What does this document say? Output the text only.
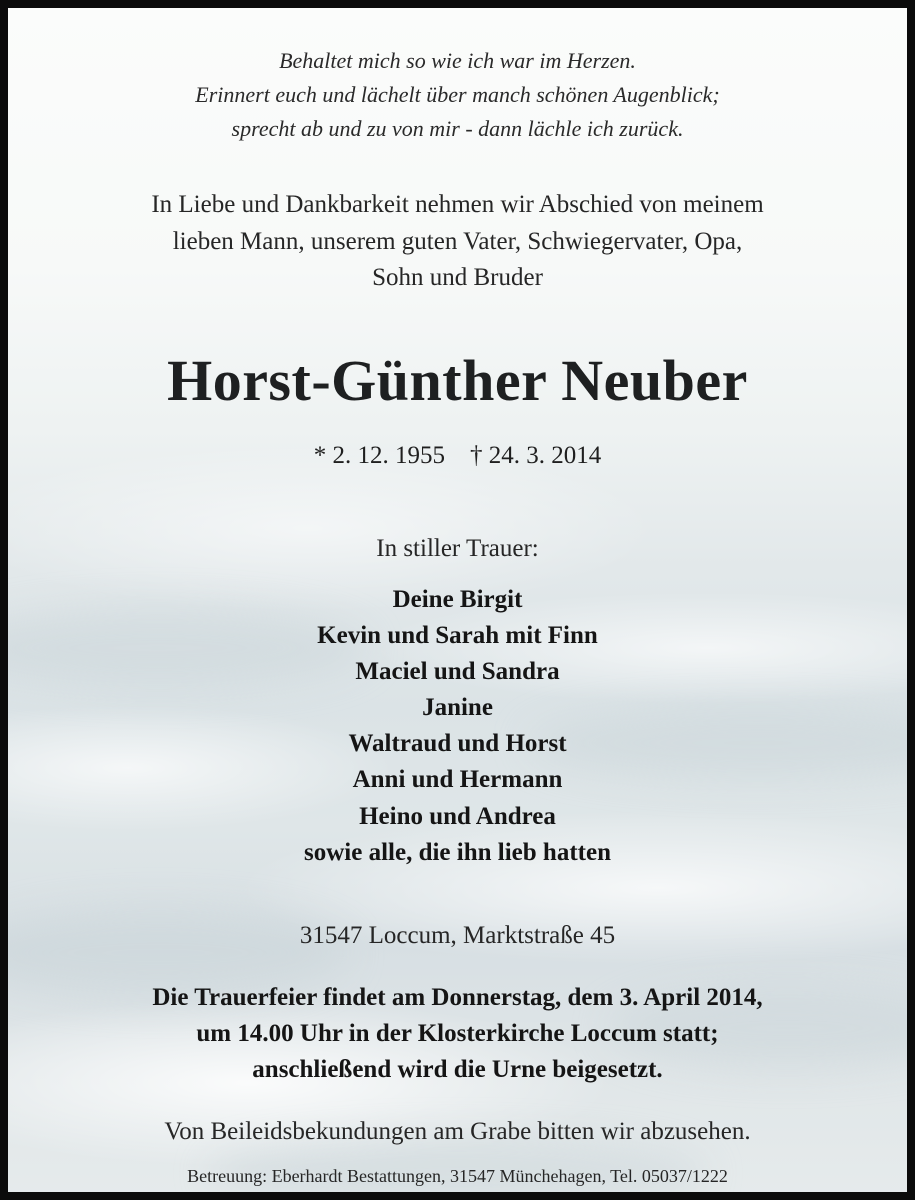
Behaltet mich so wie ich war im Herzen.

Erinnert euch und lächelt über manch schönen Augenblick;

sprecht ab und zu von mir - dann lächle ich zurück.

In Liebe und Dankbarkeit nehmen wir Abschied von meinem

lieben Mann, unserem guten Vater, Schwiegervater, Opa,

Sohn und Bruder

Horst-Günther Neuber

* 2. 12. 1955    † 24. 3. 2014

In stiller Trauer:

Deine Birgit

Kevin und Sarah mit Finn

Maciel und Sandra

Janine

Waltraud und Horst

Anni und Hermann

Heino und Andrea

sowie alle, die ihn lieb hatten

31547 Loccum, Marktstraße 45

Die Trauerfeier findet am Donnerstag, dem 3. April 2014,

um 14.00 Uhr in der Klosterkirche Loccum statt;

anschließend wird die Urne beigesetzt.

Von Beileidsbekundungen am Grabe bitten wir abzusehen.

Betreuung: Eberhardt Bestattungen, 31547 Münchehagen, Tel. 05037/1222
